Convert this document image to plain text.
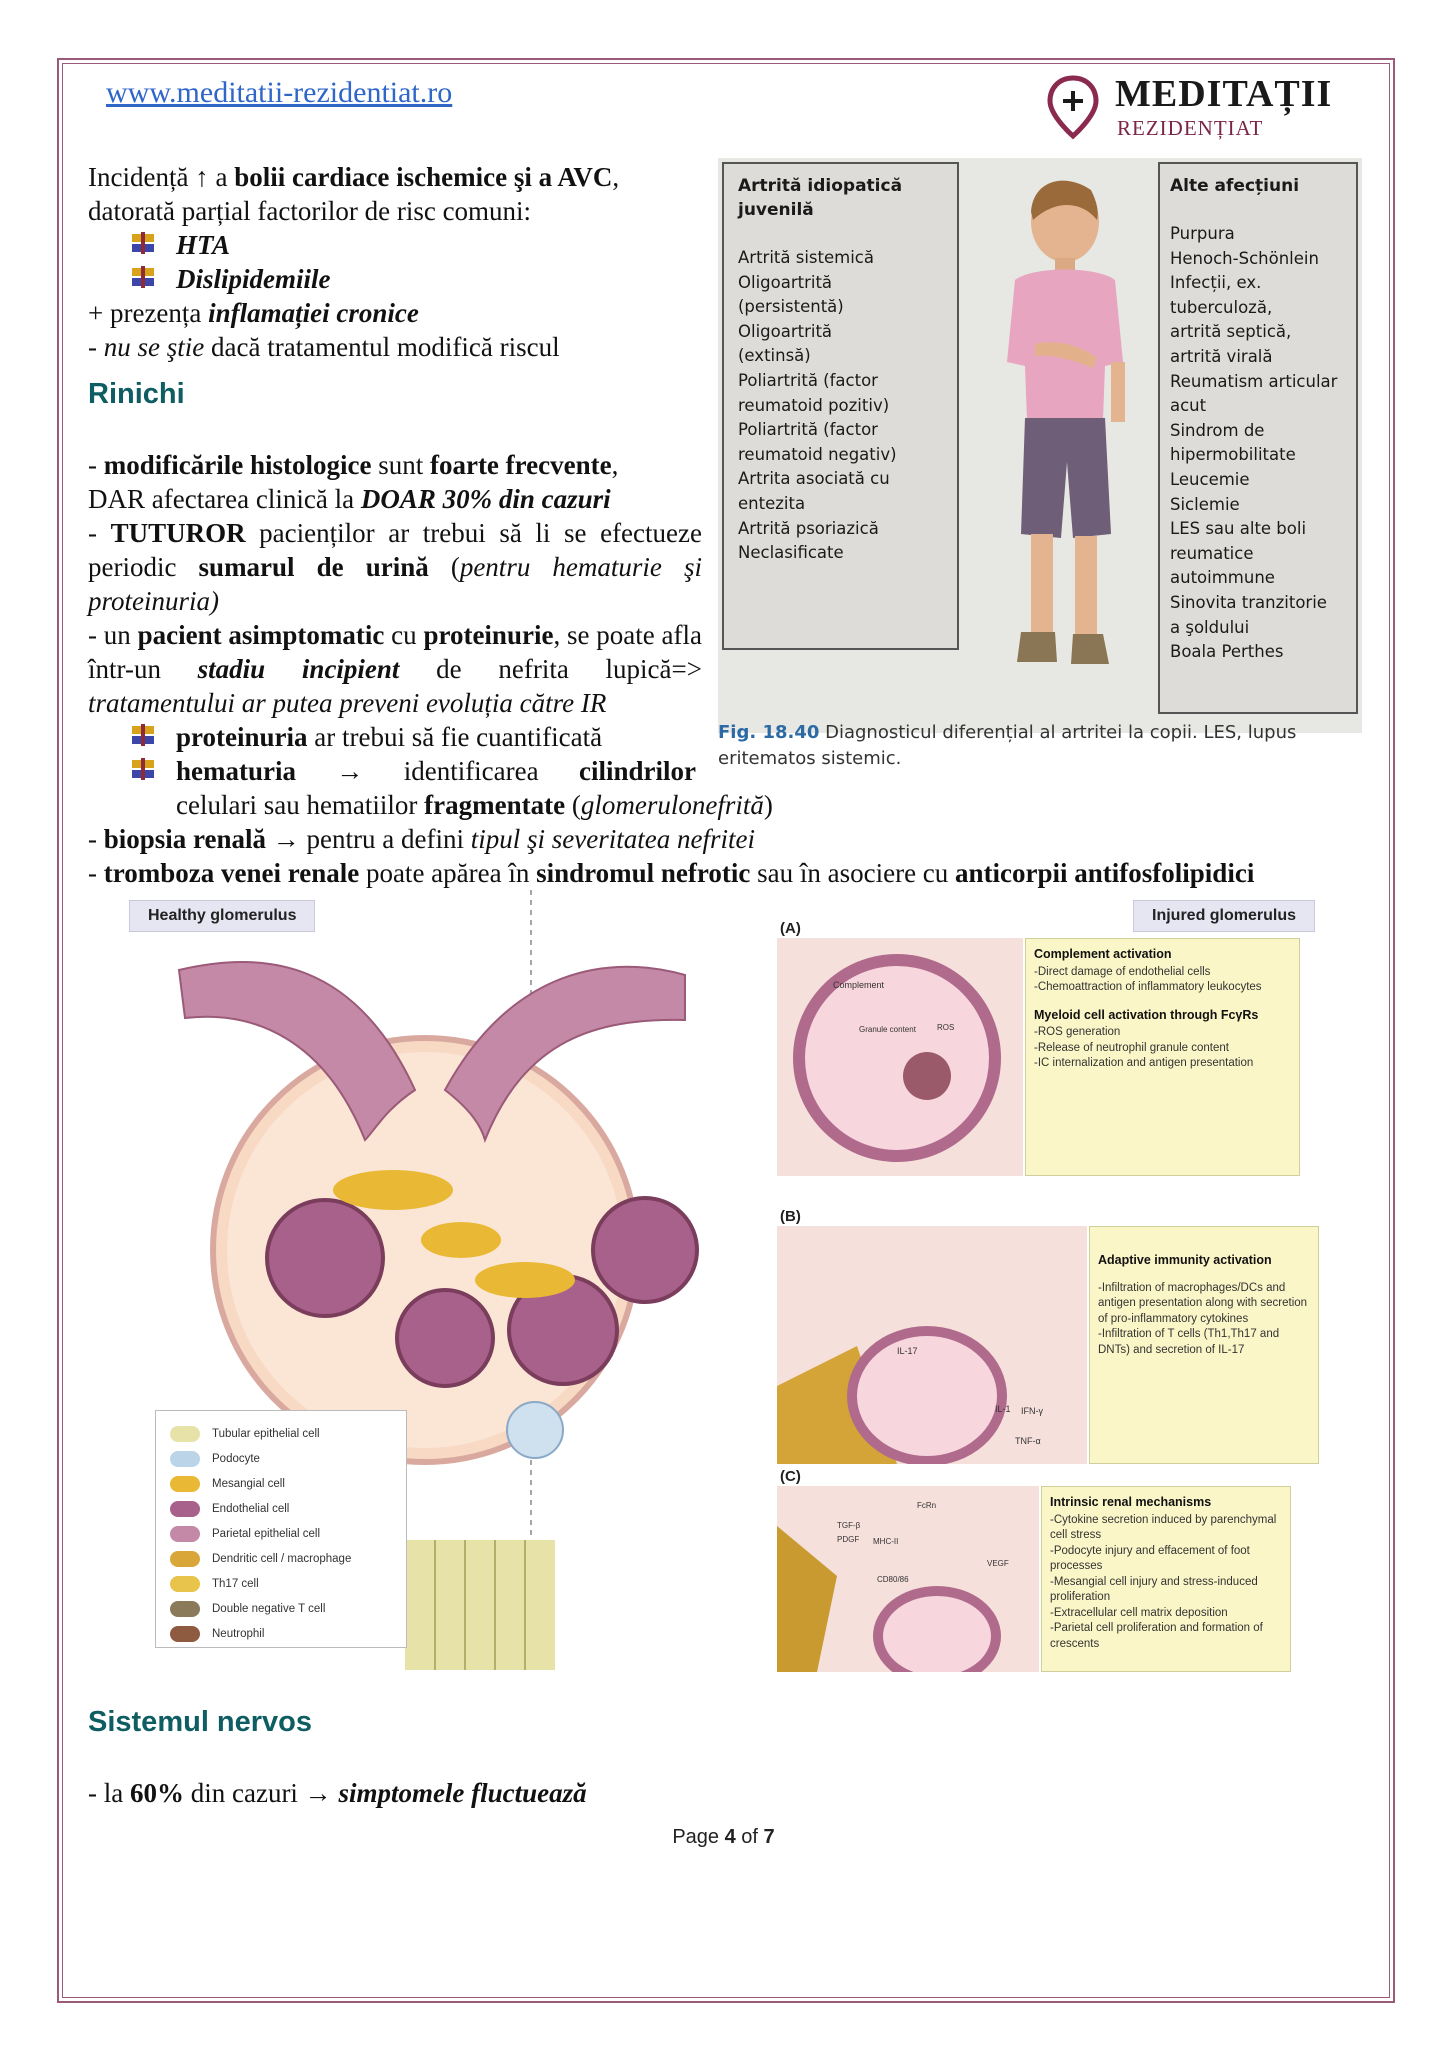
www.meditatii-rezidentiat.ro	MEDITAȚII
REZIDENȚIAT
Incidență ↑ a bolii cardiace ischemice şi a AVC,
datorată parțial factorilor de risc comuni:
HTA
Dislipidemiile
+ prezența inflamației cronice
- nu se ştie dacă tratamentul modifică riscul
Rinichi
- modificările histologice sunt foarte frecvente,
DAR afectarea clinică la DOAR 30% din cazuri
- TUTUROR pacienților ar trebui să li se efectueze periodic sumarul de urină (pentru hematurie şi proteinuria)
- un pacient asimptomatic cu proteinurie, se poate afla într-un stadiu incipient de nefrita lupică=> tratamentului ar putea preveni evoluția către IR
proteinuria ar trebui să fie cuantificată
hematuria → identificarea cilindrilor
celulari sau hematiilor fragmentate (glomerulonefrită)
- biopsia renală → pentru a defini tipul şi severitatea nefritei
- tromboza venei renale poate apărea în sindromul nefrotic sau în asociere cu anticorpii antifosfolipidici
Artrită idiopatică juvenilă
Artrită sistemică
Oligoartrită
(persistentă)
Oligoartrită
(extinsă)
Poliartrită (factor
reumatoid pozitiv)
Poliartrită (factor
reumatoid negativ)
Artrita asociată cu
entezita
Artrită psoriazică
Neclasificate
Alte afecțiuni
Purpura
Henoch-Schönlein
Infecții, ex. tuberculoză,
artrită septică,
artrită virală
Reumatism articular
acut
Sindrom de
hipermobilitate
Leucemie
Siclemie
LES sau alte boli
reumatice
autoimmune
Sinovita tranzitorie
a şoldului
Boala Perthes
Fig. 18.40 Diagnosticul diferențial al artritei la copii. LES, lupus eritematos sistemic.
Healthy glomerulus	Injured glomerulus
Tubular epithelial cell
Podocyte
Mesangial cell
Endothelial cell
Parietal epithelial cell
Dendritic cell / macrophage
Th17 cell
Double negative T cell
Neutrophil
(A)
(B)
(C)
Complement
Granule content	ROS
Complement activation
-Direct damage of endothelial cells
-Chemoattraction of inflammatory leukocytes
Myeloid cell activation through FcγRs
-ROS generation
-Release of neutrophil granule content
-IC internalization and antigen presentation
IL-17
IL-1 IFN-γ
TNF-α
Adaptive immunity activation
-Infiltration of macrophages/DCs and antigen presentation along with secretion of pro-inflammatory cytokines
-Infiltration of T cells (Th1,Th17 and DNTs) and secretion of IL-17
FcRn
TGF-β
PDGF MHC-II
CD80/86
VEGF
Intrinsic renal mechanisms
-Cytokine secretion induced by parenchymal cell stress
-Podocyte injury and effacement of foot processes
-Mesangial cell injury and stress-induced proliferation
-Extracellular cell matrix deposition
-Parietal cell proliferation and formation of crescents
Sistemul nervos
- la 60% din cazuri → simptomele fluctuează
Page 4 of 7
